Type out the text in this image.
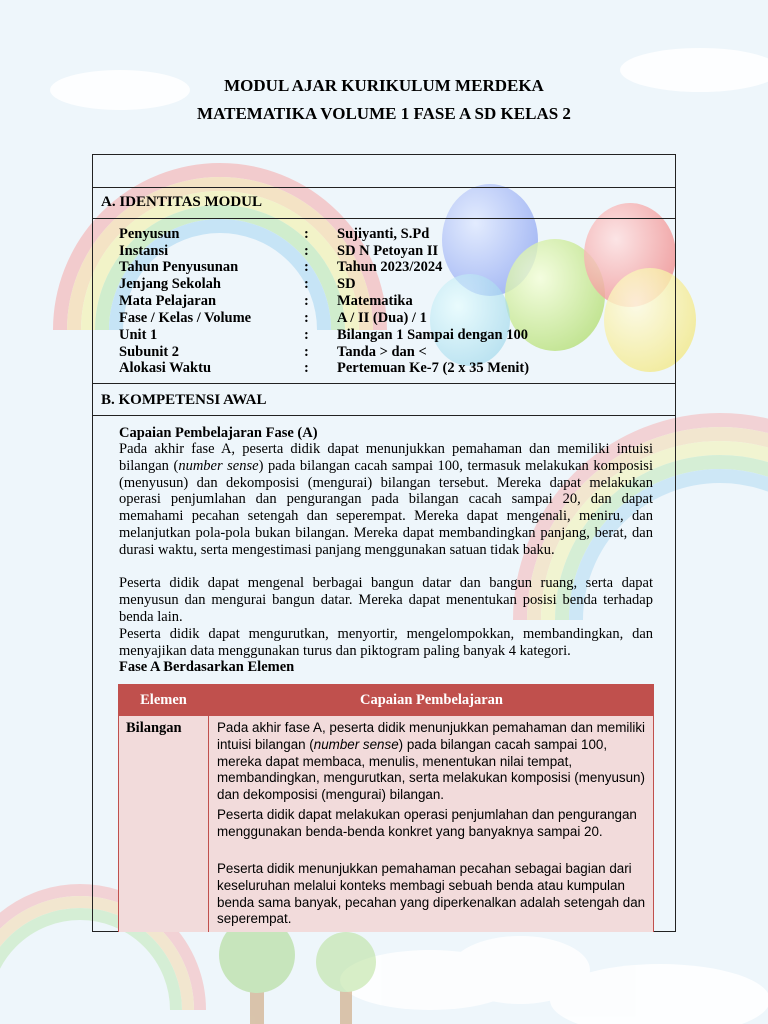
MODUL AJAR KURIKULUM MERDEKA
MATEMATIKA VOLUME 1 FASE A SD KELAS 2
A. IDENTITAS MODUL
Penyusun	: Sujiyanti, S.Pd
Instansi	: SD N Petoyan II
Tahun Penyusunan	: Tahun 2023/2024
Jenjang Sekolah	: SD
Mata Pelajaran	: Matematika
Fase / Kelas / Volume	: A / II (Dua) / 1
Unit 1	: Bilangan 1 Sampai dengan 100
Subunit 2	: Tanda > dan <
Alokasi Waktu	: Pertemuan Ke-7 (2 x 35 Menit)
B. KOMPETENSI AWAL
Capaian Pembelajaran Fase (A)
Pada akhir fase A, peserta didik dapat menunjukkan pemahaman dan memiliki intuisi bilangan (number sense) pada bilangan cacah sampai 100, termasuk melakukan komposisi (menyusun) dan dekomposisi (mengurai) bilangan tersebut. Mereka dapat melakukan operasi penjumlahan dan pengurangan pada bilangan cacah sampai 20, dan dapat memahami pecahan setengah dan seperempat. Mereka dapat mengenali, meniru, dan melanjutkan pola-pola bukan bilangan. Mereka dapat membandingkan panjang, berat, dan durasi waktu, serta mengestimasi panjang menggunakan satuan tidak baku.
Peserta didik dapat mengenal berbagai bangun datar dan bangun ruang, serta dapat menyusun dan mengurai bangun datar. Mereka dapat menentukan posisi benda terhadap benda lain.
Peserta didik dapat mengurutkan, menyortir, mengelompokkan, membandingkan, dan menyajikan data menggunakan turus dan piktogram paling banyak 4 kategori.
Fase A Berdasarkan Elemen
Elemen	Capaian Pembelajaran
Bilangan	Pada akhir fase A, peserta didik menunjukkan pemahaman dan memiliki intuisi bilangan (number sense) pada bilangan cacah sampai 100, mereka dapat membaca, menulis, menentukan nilai tempat, membandingkan, mengurutkan, serta melakukan komposisi (menyusun) dan dekomposisi (mengurai) bilangan.
Peserta didik dapat melakukan operasi penjumlahan dan pengurangan menggunakan benda-benda konkret yang banyaknya sampai 20.
Peserta didik menunjukkan pemahaman pecahan sebagai bagian dari keseluruhan melalui konteks membagi sebuah benda atau kumpulan benda sama banyak, pecahan yang diperkenalkan adalah setengah dan seperempat.
